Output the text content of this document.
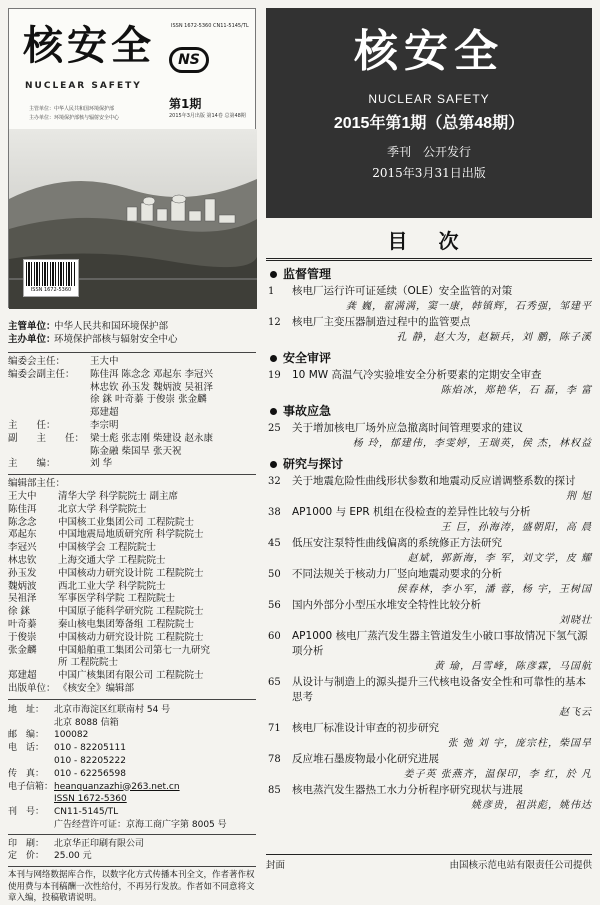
核安全
NUCLEAR SAFETY
主管单位：中华人民共和国环境保护部
主办单位：环境保护部核与辐射安全中心
ISSN 1672-5360 CN11-5145/TL
NS
第1期
2015年3月出版 第14卷 总第48期
ISSN 1672-5360
主管单位：
中华人民共和国环境保护部
主办单位：
环境保护部核与辐射安全中心
编委会主任：	王大中
编委会副主任：	陈佳洱 陈念念 邓起东 李冠兴
林忠钦 孙玉发 魏炳波 吴祖泽
徐 銤 叶奇蓁 于俊崇 张金麟
郑建超
主　　任：	李宗明
副　　主　　任： 梁士彪 张志刚 柴建设 赵永康
陈金融 柴国旱 张天祝
主　　编：	刘 华
编辑部主任：
王大中	清华大学 科学院院士 副主席
陈佳洱	北京大学 科学院院士
陈念念	中国核工业集团公司 工程院院士
邓起东	中国地震局地质研究所 科学院院士
李冠兴	中国核学会 工程院院士
林忠钦	上海交通大学 工程院院士
孙玉发	中国核动力研究设计院 工程院院士
魏炳波	西北工业大学 科学院院士
吴祖泽	军事医学科学院 工程院院士
徐 銤	中国原子能科学研究院 工程院院士
叶奇蓁	秦山核电集团筹备组 工程院院士
于俊崇	中国核动力研究设计院 工程院院士
张金麟	中国船舶重工集团公司第七一九研究
所 工程院院士
郑建超	中国广核集团有限公司 工程院院士
出版单位： 《核安全》编辑部
地　址：	北京市海淀区红联南村 54 号
北京 8088 信箱
邮　编：	100082
电　话：	010 - 82205111
010 - 82205222
传　真：	010 - 62256598
电子信箱： heanquanzazhi@263.net.cn
ISSN 1672-5360
刊　号：	CN11-5145/TL
广告经营许可证：京海工商广字第 8005 号
印　刷：	北京华正印刷有限公司
定　价：	25.00 元
本刊与网络数据库合作，以数字化方式传播本刊全文，作者著作权使用费与本刊稿酬一次性给付，不再另行发放。作者如不同意将文章入编，投稿敬请说明。
核安全
NUCLEAR SAFETY
2015年第1期（总第48期）
季刊　公开发行
2015年3月31日出版
目 次
监督管理
1	核电厂运行许可证延续（OLE）安全监管的对策
龚 巍，翟满满，窦一康，韩镇辉，石秀强，邹建平
12	核电厂主变压器制造过程中的监管要点
孔 静，赵大为，赵颖兵，刘 鹏，陈子溪
安全审评
19	10 MW 高温气冷实验堆安全分析要素的定期安全审查
陈焰冰，郑艳华，石 磊，李 富
事故应急
25	关于增加核电厂场外应急撤离时间管理要求的建议
杨 玲，郁建伟，李雯婷，王瑞英，侯 杰，林权益
研究与探讨
32	关于地震危险性曲线形状参数和地震动反应谱调整系数的探讨
荆 旭
38	AP1000 与 EPR 机组在役检查的差异性比较与分析
王 巨，孙海涛，盛朝阳，高 晨
45	低压安注泵特性曲线偏离的系统修正方法研究
赵斌，郭新海，李 军，刘文学，皮 耀
50	不同法规关于核动力厂竖向地震动要求的分析
侯春林，李小军，潘 蓉，杨 宇，王树国
56	国内外部分小型压水堆安全特性比较分析
刘晓壮
60	AP1000 核电厂蒸汽发生器主管道发生小破口事故情况下氢气源项分析
黄 瑜，吕雪峰，陈彦霖，马国航
65	从设计与制造上的源头提升三代核电设备安全性和可靠性的基本思考
赵飞云
71	核电厂标准设计审查的初步研究
张 弛 刘 宇，庞宗柱，柴国旱
78	反应堆石墨废物最小化研究进展
姜子英 张燕齐，温保印，李 红，於 凡
85	核电蒸汽发生器热工水力分析程序研究现状与进展
姚彦贵，祖洪彪，姚伟达
封面	由国核示范电站有限责任公司提供
